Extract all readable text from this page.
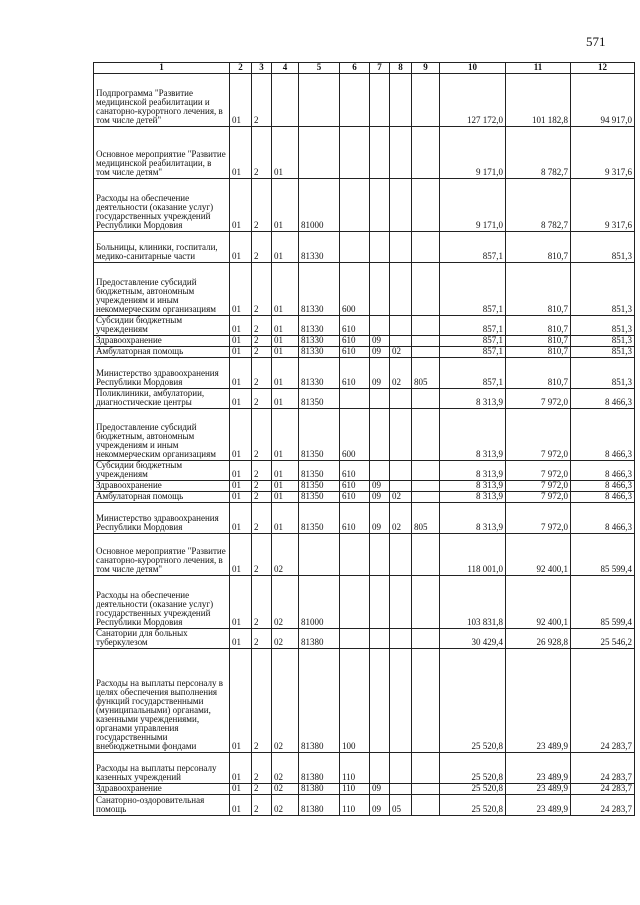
571
1	2	3	4	5	6	7	8	9	10	11	12
Подпрограмма "Развитие медицинской реабилитации и санаторно-курортного лечения, в том числе детей"	01	2							127 172,0	101 182,8	94 917,0
Основное мероприятие "Развитие медицинской реабилитации, в том числе детям"	01	2	01						9 171,0	8 782,7	9 317,6
Расходы на обеспечение деятельности (оказание услуг) государственных учреждений Республики Мордовия	01	2	01	81000					9 171,0	8 782,7	9 317,6
Больницы, клиники, госпитали, медико-санитарные части	01	2	01	81330					857,1	810,7	851,3
Предоставление субсидий бюджетным, автономным учреждениям и иным некоммерческим организациям	01	2	01	81330	600				857,1	810,7	851,3
Субсидии бюджетным учреждениям	01	2	01	81330	610				857,1	810,7	851,3
Здравоохранение	01	2	01	81330	610	09			857,1	810,7	851,3
Амбулаторная помощь	01	2	01	81330	610	09	02		857,1	810,7	851,3
Министерство здравоохранения Республики Мордовия	01	2	01	81330	610	09	02	805	857,1	810,7	851,3
Поликлиники, амбулатории, диагностические центры	01	2	01	81350					8 313,9	7 972,0	8 466,3
Предоставление субсидий бюджетным, автономным учреждениям и иным некоммерческим организациям	01	2	01	81350	600				8 313,9	7 972,0	8 466,3
Субсидии бюджетным учреждениям	01	2	01	81350	610				8 313,9	7 972,0	8 466,3
Здравоохранение	01	2	01	81350	610	09			8 313,9	7 972,0	8 466,3
Амбулаторная помощь	01	2	01	81350	610	09	02		8 313,9	7 972,0	8 466,3
Министерство здравоохранения Республики Мордовия	01	2	01	81350	610	09	02	805	8 313,9	7 972,0	8 466,3
Основное мероприятие "Развитие санаторно-курортного лечения, в том числе детям"	01	2	02						118 001,0	92 400,1	85 599,4
Расходы на обеспечение деятельности (оказание услуг) государственных учреждений Республики Мордовия	01	2	02	81000					103 831,8	92 400,1	85 599,4
Санатории для больных туберкулезом	01	2	02	81380					30 429,4	26 928,8	25 546,2
Расходы на выплаты персоналу в целях обеспечения выполнения функций государственными (муниципальными) органами, казенными учреждениями, органами управления государственными внебюджетными фондами	01	2	02	81380	100				25 520,8	23 489,9	24 283,7
Расходы на выплаты персоналу казенных учреждений	01	2	02	81380	110				25 520,8	23 489,9	24 283,7
Здравоохранение	01	2	02	81380	110	09			25 520,8	23 489,9	24 283,7
Санаторно-оздоровительная помощь	01	2	02	81380	110	09	05		25 520,8	23 489,9	24 283,7
